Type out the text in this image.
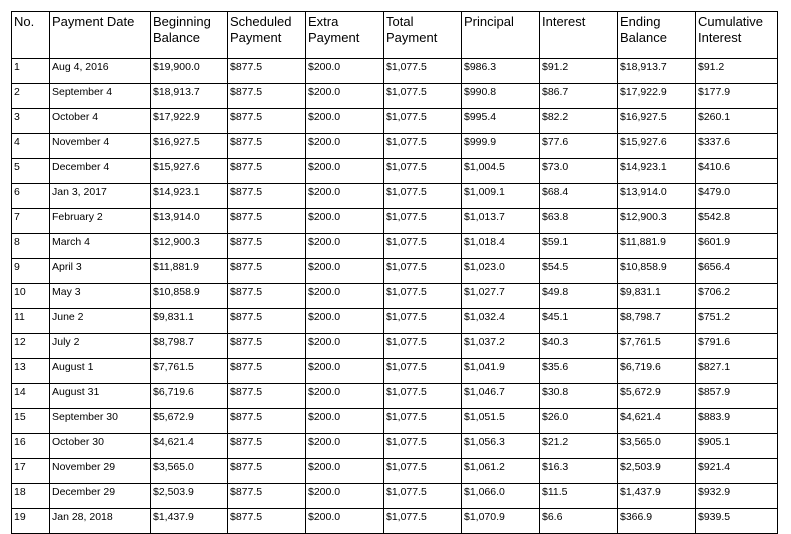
No.	Payment Date	Beginning Balance	Scheduled Payment	Extra Payment	Total Payment	Principal	Interest	Ending Balance	Cumulative Interest
1	Aug 4, 2016	$19,900.0	$877.5	$200.0	$1,077.5	$986.3	$91.2	$18,913.7	$91.2
2	September 4	$18,913.7	$877.5	$200.0	$1,077.5	$990.8	$86.7	$17,922.9	$177.9
3	October 4	$17,922.9	$877.5	$200.0	$1,077.5	$995.4	$82.2	$16,927.5	$260.1
4	November 4	$16,927.5	$877.5	$200.0	$1,077.5	$999.9	$77.6	$15,927.6	$337.6
5	December 4	$15,927.6	$877.5	$200.0	$1,077.5	$1,004.5	$73.0	$14,923.1	$410.6
6	Jan 3, 2017	$14,923.1	$877.5	$200.0	$1,077.5	$1,009.1	$68.4	$13,914.0	$479.0
7	February 2	$13,914.0	$877.5	$200.0	$1,077.5	$1,013.7	$63.8	$12,900.3	$542.8
8	March 4	$12,900.3	$877.5	$200.0	$1,077.5	$1,018.4	$59.1	$11,881.9	$601.9
9	April 3	$11,881.9	$877.5	$200.0	$1,077.5	$1,023.0	$54.5	$10,858.9	$656.4
10	May 3	$10,858.9	$877.5	$200.0	$1,077.5	$1,027.7	$49.8	$9,831.1	$706.2
11	June 2	$9,831.1	$877.5	$200.0	$1,077.5	$1,032.4	$45.1	$8,798.7	$751.2
12	July 2	$8,798.7	$877.5	$200.0	$1,077.5	$1,037.2	$40.3	$7,761.5	$791.6
13	August 1	$7,761.5	$877.5	$200.0	$1,077.5	$1,041.9	$35.6	$6,719.6	$827.1
14	August 31	$6,719.6	$877.5	$200.0	$1,077.5	$1,046.7	$30.8	$5,672.9	$857.9
15	September 30	$5,672.9	$877.5	$200.0	$1,077.5	$1,051.5	$26.0	$4,621.4	$883.9
16	October 30	$4,621.4	$877.5	$200.0	$1,077.5	$1,056.3	$21.2	$3,565.0	$905.1
17	November 29	$3,565.0	$877.5	$200.0	$1,077.5	$1,061.2	$16.3	$2,503.9	$921.4
18	December 29	$2,503.9	$877.5	$200.0	$1,077.5	$1,066.0	$11.5	$1,437.9	$932.9
19	Jan 28, 2018	$1,437.9	$877.5	$200.0	$1,077.5	$1,070.9	$6.6	$366.9	$939.5
